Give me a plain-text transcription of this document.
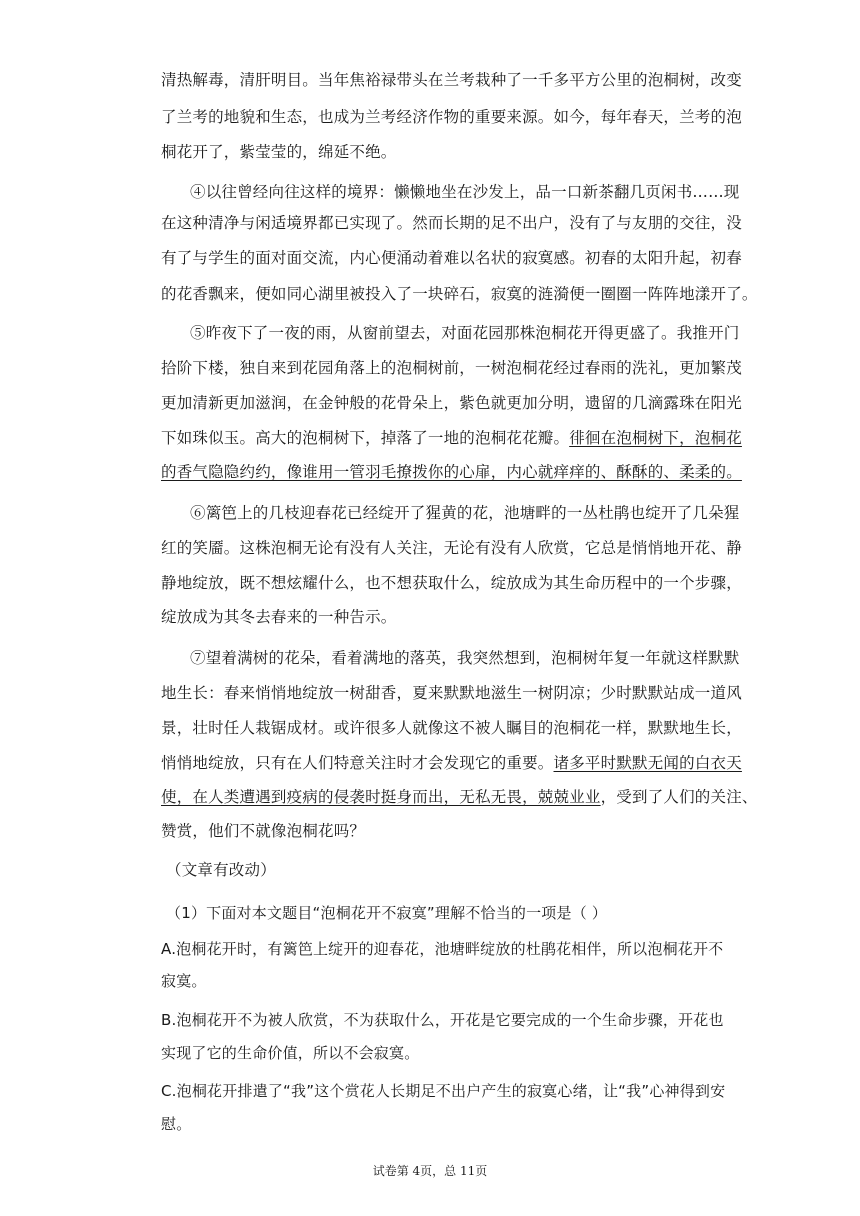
清热解毒，清肝明目。当年焦裕禄带头在兰考栽种了一千多平方公里的泡桐树，改变
了兰考的地貌和生态，也成为兰考经济作物的重要来源。如今，每年春天，兰考的泡
桐花开了，紫莹莹的，绵延不绝。
④以往曾经向往这样的境界：懒懒地坐在沙发上，品一口新茶翻几页闲书……现
在这种清净与闲适境界都已实现了。然而长期的足不出户，没有了与友朋的交往，没
有了与学生的面对面交流，内心便涌动着难以名状的寂寞感。初春的太阳升起，初春
的花香飘来，便如同心湖里被投入了一块碎石，寂寞的涟漪便一圈圈一阵阵地漾开了。
⑤昨夜下了一夜的雨，从窗前望去，对面花园那株泡桐花开得更盛了。我推开门
拾阶下楼，独自来到花园角落上的泡桐树前，一树泡桐花经过春雨的洗礼，更加繁茂
更加清新更加滋润，在金钟般的花骨朵上，紫色就更加分明，遗留的几滴露珠在阳光
下如珠似玉。高大的泡桐树下，掉落了一地的泡桐花花瓣。徘徊在泡桐树下，泡桐花
的香气隐隐约约，像谁用一管羽毛撩拨你的心扉，内心就痒痒的、酥酥的、柔柔的。
⑥篱笆上的几枝迎春花已经绽开了猩黄的花，池塘畔的一丛杜鹃也绽开了几朵猩
红的笑靥。这株泡桐无论有没有人关注，无论有没有人欣赏，它总是悄悄地开花、静
静地绽放，既不想炫耀什么，也不想获取什么，绽放成为其生命历程中的一个步骤，
绽放成为其冬去春来的一种告示。
⑦望着满树的花朵，看着满地的落英，我突然想到，泡桐树年复一年就这样默默
地生长：春来悄悄地绽放一树甜香，夏来默默地滋生一树阴凉；少时默默站成一道风
景，壮时任人栽锯成材。或许很多人就像这不被人瞩目的泡桐花一样，默默地生长，
悄悄地绽放，只有在人们特意关注时才会发现它的重要。诸多平时默默无闻的白衣天
使，在人类遭遇到疫病的侵袭时挺身而出，无私无畏，兢兢业业，受到了人们的关注、
赞赏，他们不就像泡桐花吗？
（文章有改动）
（1）下面对本文题目“泡桐花开不寂寞”理解不恰当的一项是（ ）
A.泡桐花开时，有篱笆上绽开的迎春花，池塘畔绽放的杜鹃花相伴，所以泡桐花开不
寂寞。
B.泡桐花开不为被人欣赏，不为获取什么，开花是它要完成的一个生命步骤，开花也
实现了它的生命价值，所以不会寂寞。
C.泡桐花开排遣了“我”这个赏花人长期足不出户产生的寂寞心绪，让“我”心神得到安
慰。
试卷第 4页，总 11页
